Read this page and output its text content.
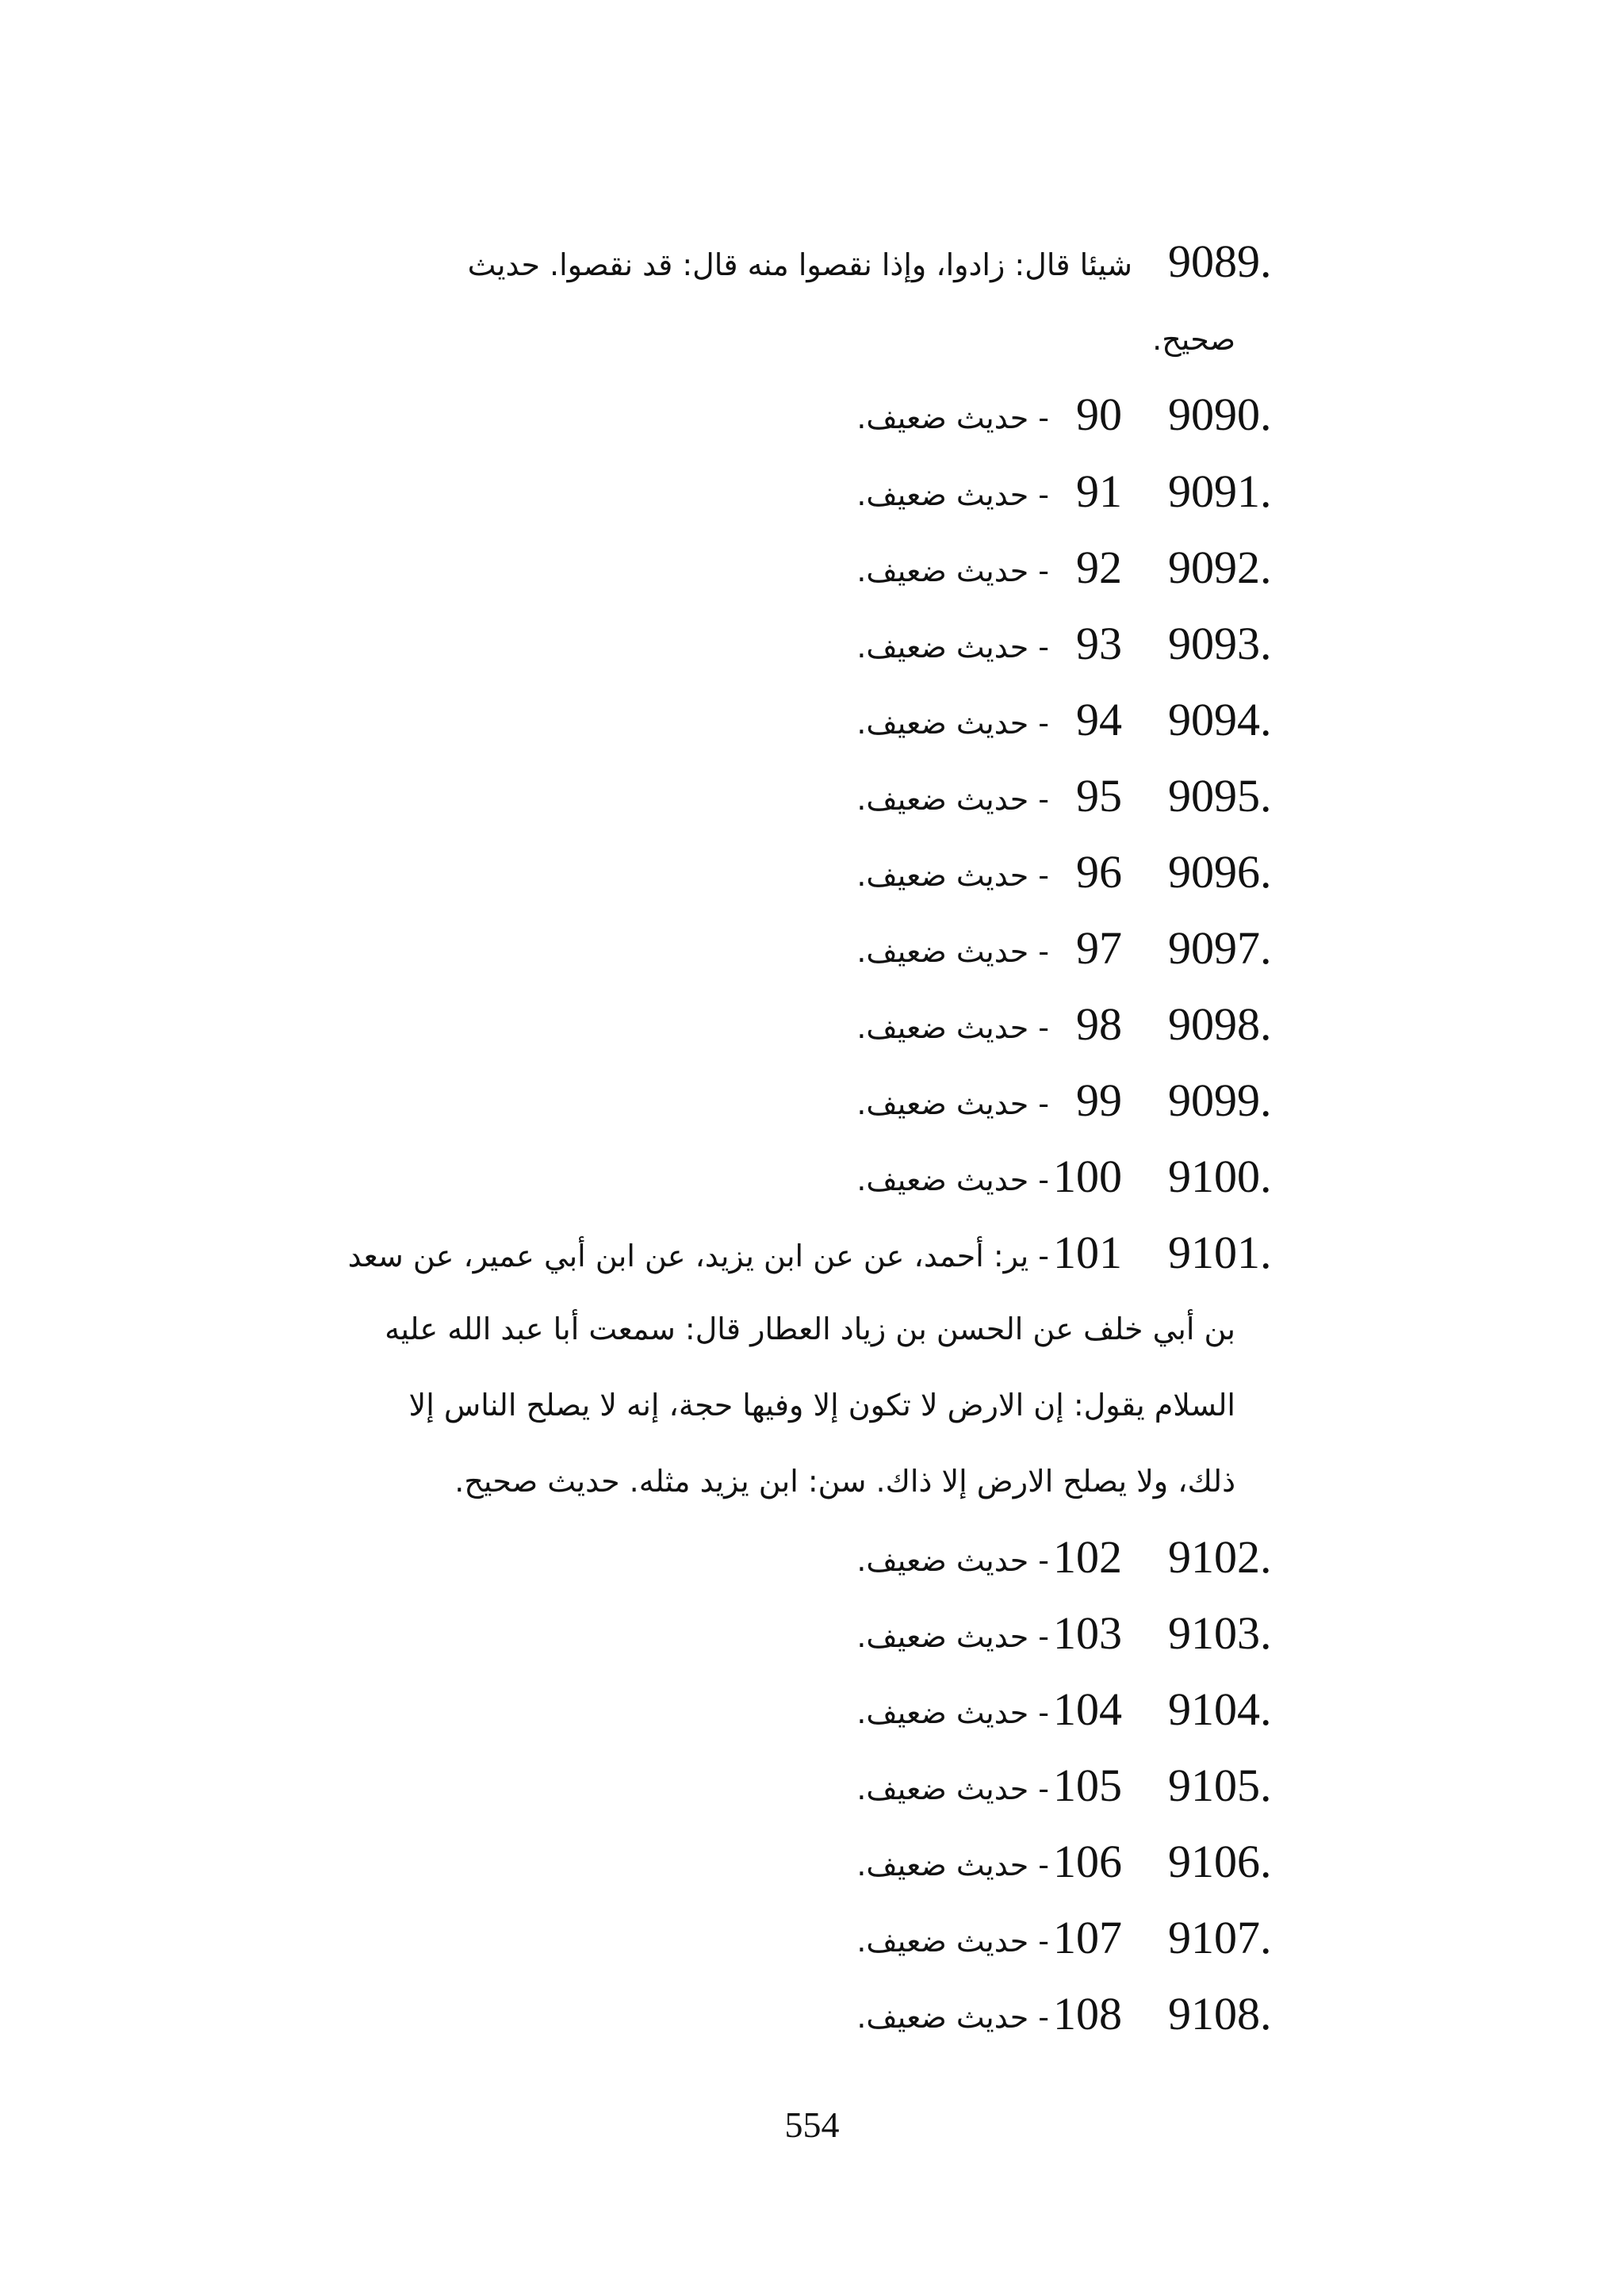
9089.
شيئا قال: زادوا، وإذا نقصوا منه قال: قد نقصوا. حديث
صحيح.
9090.
90
- حديث ضعيف.
9091.
91
- حديث ضعيف.
9092.
92
- حديث ضعيف.
9093.
93
- حديث ضعيف.
9094.
94
- حديث ضعيف.
9095.
95
- حديث ضعيف.
9096.
96
- حديث ضعيف.
9097.
97
- حديث ضعيف.
9098.
98
- حديث ضعيف.
9099.
99
- حديث ضعيف.
9100.
100
- حديث ضعيف.
9101.
101
- ير: أحمد، عن عن ابن يزيد، عن ابن أبي عمير، عن سعد
بن أبي خلف عن الحسن بن زياد العطار قال: سمعت أبا عبد الله عليه
السلام يقول: إن الارض لا تكون إلا وفيها حجة، إنه لا يصلح الناس إلا
ذلك، ولا يصلح الارض إلا ذاك. سن: ابن يزيد مثله. حديث صحيح.
9102.
102
- حديث ضعيف.
9103.
103
- حديث ضعيف.
9104.
104
- حديث ضعيف.
9105.
105
- حديث ضعيف.
9106.
106
- حديث ضعيف.
9107.
107
- حديث ضعيف.
9108.
108
- حديث ضعيف.
554
